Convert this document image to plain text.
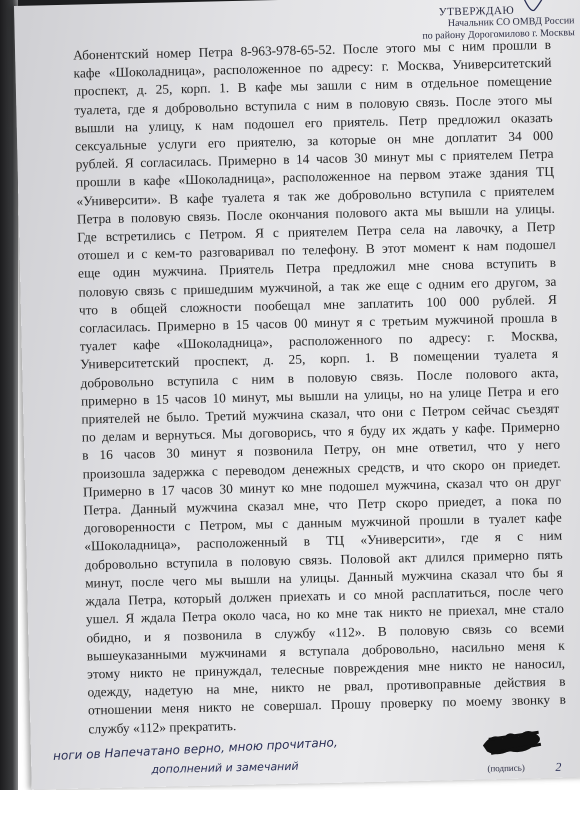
УТВЕРЖДАЮ
Начальник СО ОМВД России
по району Дорогомилово г. Москвы

Абонентский номер Петра 8-963-978-65-52. После этого мы с ним прошли в
кафе «Шоколадница», расположенное по адресу: г. Москва, Университетский
проспект, д. 25, корп. 1. В кафе мы зашли с ним в отдельное помещение
туалета, где я добровольно вступила с ним в половую связь. После этого мы
вышли на улицу, к нам подошел его приятель. Петр предложил оказать
сексуальные услуги его приятелю, за которые он мне доплатит 34 000
рублей. Я согласилась. Примерно в 14 часов 30 минут мы с приятелем Петра
прошли в кафе «Шоколадница», расположенное на первом этаже здания ТЦ
«Университи». В кафе туалета я так же добровольно вступила с приятелем
Петра в половую связь. После окончания полового акта мы вышли на улицы.
Где встретились с Петром. Я с приятелем Петра села на лавочку, а Петр
отошел и с кем-то разговаривал по телефону. В этот момент к нам подошел
еще один мужчина. Приятель Петра предложил мне снова вступить в
половую связь с пришедшим мужчиной, а так же еще с одним его другом, за
что в общей сложности пообещал мне заплатить 100 000 рублей. Я
согласилась. Примерно в 15 часов 00 минут я с третьим мужчиной прошла в
туалет кафе «Шоколадница», расположенного по адресу: г. Москва,
Университетский проспект, д. 25, корп. 1. В помещении туалета я
добровольно вступила с ним в половую связь. После полового акта,
примерно в 15 часов 10 минут, мы вышли на улицы, но на улице Петра и его
приятелей не было. Третий мужчина сказал, что они с Петром сейчас съездят
по делам и вернуться. Мы договорись, что я буду их ждать у кафе. Примерно
в 16 часов 30 минут я позвонила Петру, он мне ответил, что у него
произошла задержка с переводом денежных средств, и что скоро он приедет.
Примерно в 17 часов 30 минут ко мне подошел мужчина, сказал что он друг
Петра. Данный мужчина сказал мне, что Петр скоро приедет, а пока по
договоренности с Петром, мы с данным мужчиной прошли в туалет кафе
«Шоколадница», расположенный в ТЦ «Университи», где я с ним
добровольно вступила в половую связь. Половой акт длился примерно пять
минут, после чего мы вышли на улицы. Данный мужчина сказал что бы я
ждала Петра, который должен приехать и со мной расплатиться, после чего
ушел. Я ждала Петра около часа, но ко мне так никто не приехал, мне стало
обидно, и я позвонила в службу «112». В половую связь со всеми
вышеуказанными мужчинами я вступала добровольно, насильно меня к
этому никто не принуждал, телесные повреждения мне никто не наносил,
одежду, надетую на мне, никто не рвал, противоправные действия в
отношении меня никто не совершал. Прошу проверку по моему звонку в
службу «112» прекратить.

ноги ов Напечатано верно, мною прочитано,
дополнений и замечаний	(подпись)	2
